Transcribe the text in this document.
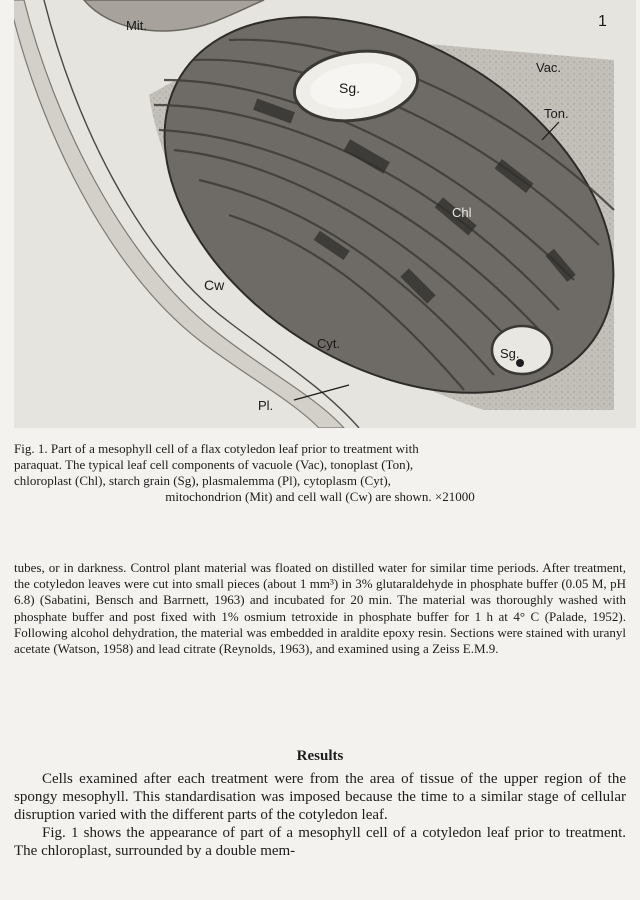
Mit.	1
Vac.
Ton.
Sg.
Chl
Cw
Cyt.
Sg.
Pl.
Fig. 1. Part of a mesophyll cell of a flax cotyledon leaf prior to treatment with
paraquat. The typical leaf cell components of vacuole (Vac), tonoplast (Ton),
chloroplast (Chl), starch grain (Sg), plasmalemma (Pl), cytoplasm (Cyt),
mitochondrion (Mit) and cell wall (Cw) are shown. ×21000
tubes, or in darkness. Control plant material was floated on distilled water for similar time periods. After treatment, the cotyledon leaves were cut into small pieces (about 1 mm³) in 3% glutaraldehyde in phosphate buffer (0.05 M, pH 6.8) (Sabatini, Bensch and Barrnett, 1963) and incubated for 20 min. The material was thoroughly washed with phosphate buffer and post fixed with 1% osmium tetroxide in phosphate buffer for 1 h at 4° C (Palade, 1952). Following alcohol dehydration, the material was embedded in araldite epoxy resin. Sections were stained with uranyl acetate (Watson, 1958) and lead citrate (Reynolds, 1963), and examined using a Zeiss E.M.9.
Results

Cells examined after each treatment were from the area of tissue of the upper region of the spongy mesophyll. This standardisation was imposed because the time to a similar stage of cellular disruption varied with the different parts of the cotyledon leaf.

Fig. 1 shows the appearance of part of a mesophyll cell of a cotyledon leaf prior to treatment. The chloroplast, surrounded by a double mem-
